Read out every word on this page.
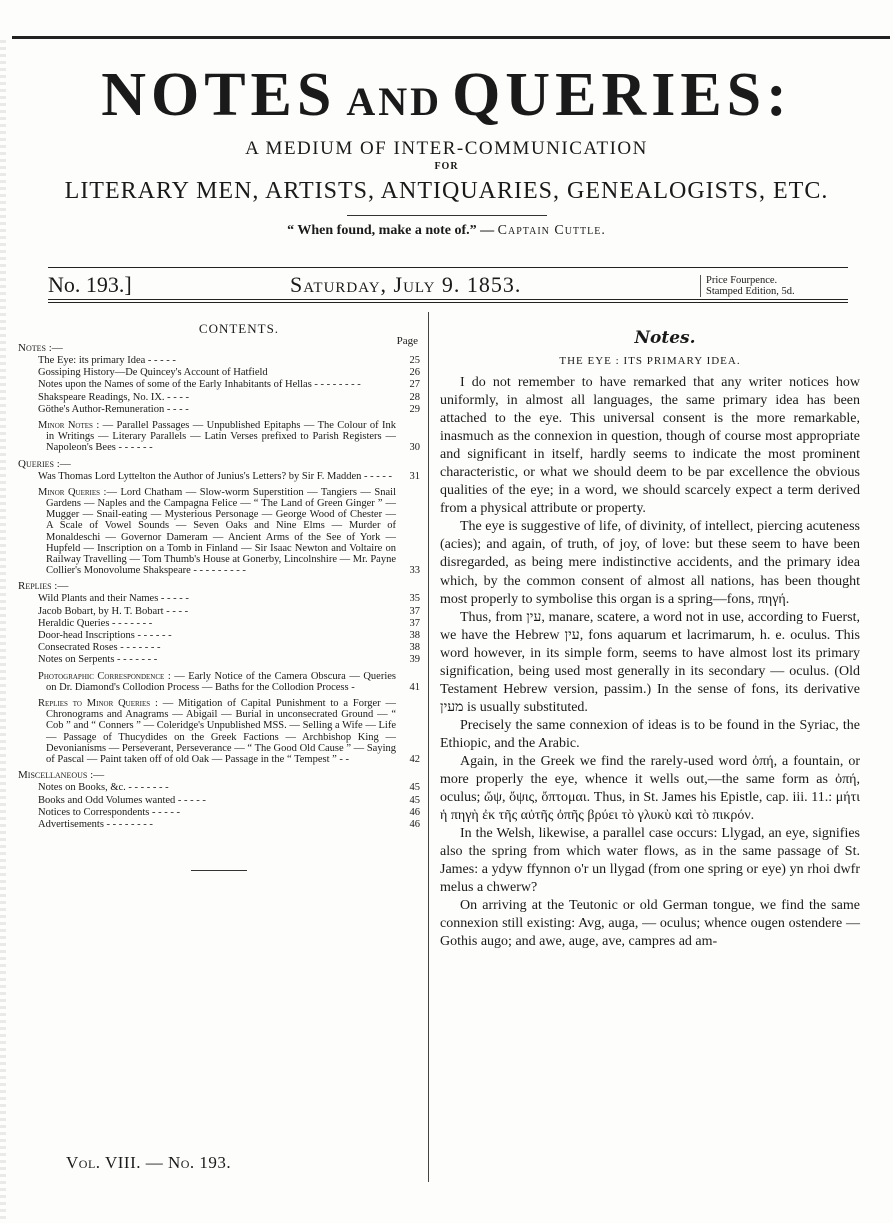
NOTES AND QUERIES:
A MEDIUM OF INTER-COMMUNICATION
FOR
LITERARY MEN, ARTISTS, ANTIQUARIES, GENEALOGISTS, ETC.
“ When found, make a note of.” — Captain Cuttle.
No. 193.]	Saturday, July 9. 1853.	Price Fourpence.
Stamped Edition, 5d.
CONTENTS.
Page
Notes :—
The Eye: its primary Idea - - - - -	25
Gossiping History—De Quincey's Account of Hatfield	26
Notes upon the Names of some of the Early Inhabitants of Hellas - - - - - - - -	27
Shakspeare Readings, No. IX. - - - -	28
Göthe's Author-Remuneration - - - -	29
Minor Notes : — Parallel Passages — Unpublished Epitaphs — The Colour of Ink in Writings — Literary Parallels — Latin Verses prefixed to Parish Registers — Napoleon's Bees - - - - - -	30
Queries :—
Was Thomas Lord Lyttelton the Author of Junius's Letters? by Sir F. Madden - - - - -	31
Minor Queries :— Lord Chatham — Slow-worm Superstition — Tangiers — Snail Gardens — Naples and the Campagna Felice — “ The Land of Green Ginger ” — Mugger — Snail-eating — Mysterious Personage — George Wood of Chester — A Scale of Vowel Sounds — Seven Oaks and Nine Elms — Murder of Monaldeschi — Governor Dameram — Ancient Arms of the See of York — Hupfeld — Inscription on a Tomb in Finland — Sir Isaac Newton and Voltaire on Railway Travelling — Tom Thumb's House at Gonerby, Lincolnshire — Mr. Payne Collier's Monovolume Shakspeare - - - - - - - - -	33
Replies :—
Wild Plants and their Names - - - - -	35
Jacob Bobart, by H. T. Bobart - - - -	37
Heraldic Queries - - - - - - -	37
Door-head Inscriptions - - - - - -	38
Consecrated Roses - - - - - - -	38
Notes on Serpents - - - - - - -	39
Photographic Correspondence : — Early Notice of the Camera Obscura — Queries on Dr. Diamond's Collodion Process — Baths for the Collodion Process -	41
Replies to Minor Queries : — Mitigation of Capital Punishment to a Forger — Chronograms and Anagrams — Abigail — Burial in unconsecrated Ground — “ Cob ” and “ Conners ” — Coleridge's Unpublished MSS. — Selling a Wife — Life — Passage of Thucydides on the Greek Factions — Archbishop King — Devonianisms — Perseverant, Perseverance — “ The Good Old Cause ” — Saying of Pascal — Paint taken off of old Oak — Passage in the “ Tempest ” - -	42
Miscellaneous :—
Notes on Books, &c. - - - - - - -	45
Books and Odd Volumes wanted - - - - -	45
Notices to Correspondents - - - - -	46
Advertisements - - - - - - - -	46
Vol. VIII. — No. 193.
Notes.
THE EYE : ITS PRIMARY IDEA.

I do not remember to have remarked that any writer notices how uniformly, in almost all languages, the same primary idea has been attached to the eye. This universal consent is the more remarkable, inasmuch as the connexion in question, though of course most appropriate and significant in itself, hardly seems to indicate the most prominent characteristic, or what we should deem to be par excellence the obvious qualities of the eye; in a word, we should scarcely expect a term derived from a physical attribute or property.

The eye is suggestive of life, of divinity, of intellect, piercing acuteness (acies); and again, of truth, of joy, of love: but these seem to have been disregarded, as being mere indistinctive accidents, and the primary idea which, by the common consent of almost all nations, has been thought most properly to symbolise this organ is a spring—fons, πηγή.

Thus, from עין, manare, scatere, a word not in use, according to Fuerst, we have the Hebrew עין, fons aquarum et lacrimarum, h. e. oculus. This word however, in its simple form, seems to have almost lost its primary signification, being used most generally in its secondary — oculus. (Old Testament Hebrew version, passim.) In the sense of fons, its derivative מעין is usually substituted.

Precisely the same connexion of ideas is to be found in the Syriac, the Ethiopic, and the Arabic.

Again, in the Greek we find the rarely-used word ὀπή, a fountain, or more properly the eye, whence it wells out,—the same form as ὀπή, oculus; ὤψ, ὄψις, ὄπτομαι. Thus, in St. James his Epistle, cap. iii. 11.: μήτι ἡ πηγὴ ἐκ τῆς αὐτῆς ὀπῆς βρύει τὸ γλυκὺ καὶ τὸ πικρόν.

In the Welsh, likewise, a parallel case occurs: Llygad, an eye, signifies also the spring from which water flows, as in the same passage of St. James: a ydyw ffynnon o'r un llygad (from one spring or eye) yn rhoi dwfr melus a chwerw?

On arriving at the Teutonic or old German tongue, we find the same connexion still existing: Avg, auga, — oculus; whence ougen ostendere — Gothis augo; and awe, auge, ave, campres ad am-
